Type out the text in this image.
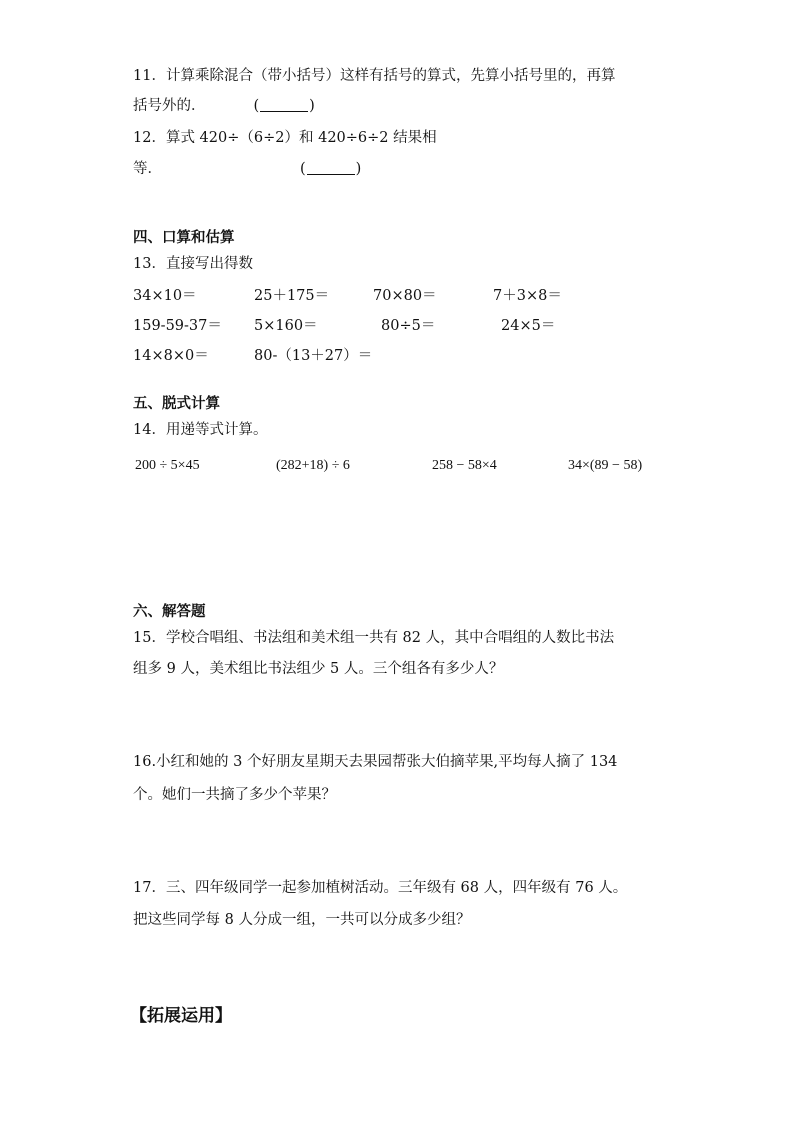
11．计算乘除混合（带小括号）这样有括号的算式，先算小括号里的，再算
括号外的．	(	)
12．算式 420÷（6÷2）和 420÷6÷2 结果相
等．	(	)
四、口算和估算
13．直接写出得数
34×10＝	25＋175＝	70×80＝	7＋3×8＝
159-59-37＝ 5×160＝	80÷5＝	24×5＝
14×8×0＝	80-（13＋27）＝
五、脱式计算
14．用递等式计算。
200 ÷ 5×45	(282+18) ÷ 6	258 − 58×4	34×(89 − 58)
六、解答题
15．学校合唱组、书法组和美术组一共有 82 人，其中合唱组的人数比书法
组多 9 人，美术组比书法组少 5 人。三个组各有多少人？
16.小红和她的 3 个好朋友星期天去果园帮张大伯摘苹果,平均每人摘了 134
个。她们一共摘了多少个苹果？
17．三、四年级同学一起参加植树活动。三年级有 68 人，四年级有 76 人。
把这些同学每 8 人分成一组，一共可以分成多少组？
【拓展运用】
